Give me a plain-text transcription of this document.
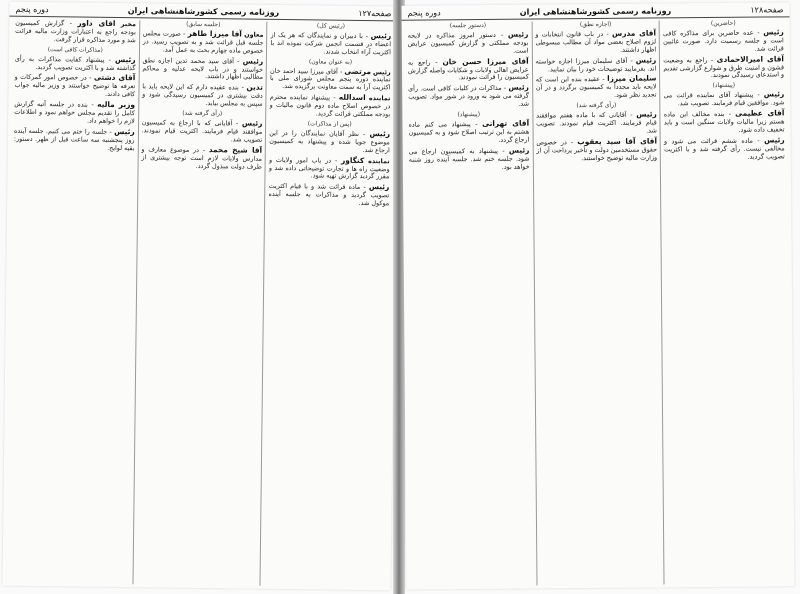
صفحه۱۲۷
روزنامه رسمی کشورشاهنشاهی ایران
دوره پنجم
(رئیس کل)
رئیس - با دبیران و نمایندگان که هر یک از اعضاء در قسمت انجمن شرکت نموده اند با اکثریت آراء انتخاب شدند.
(به عنوان معاون)
رئیس مرتضی - آقای میرزا سید احمد خان نماینده دوره پنجم مجلس شورای ملی با اکثریت آرا به سمت معاونت برگزیده شد.
نماینده اسدالله - پیشنهاد نماینده محترم در خصوص اصلاح ماده دوم قانون مالیات و بودجه مملکتی قرائت گردید.
(پس از مذاکرات)
رئیس - نظر آقایان نمایندگان را در این موضوع جویا شده و پیشنهاد به کمیسیون ارجاع شد.
نماینده کنگاور - در باب امور ولایات و وضعیت راه ها و تجارت توضیحاتی داده شد و مقرر گردید گزارش تهیه شود.
رئیس - ماده قرائت شد و با قیام اکثریت تصویب گردید و مذاکرات به جلسه آینده موکول شد.
(جلسه سابق)
معاون آقا میرزا طاهر - صورت مجلس جلسه قبل قرائت شد و به تصویب رسید. در خصوص ماده چهارم بحث به عمل آمد.
رئیس - آقای سید محمد تدین اجازه نطق خواستند و در باب لایحه عدلیه و محاکم مطالبی اظهار داشتند.
تدین - بنده عقیده دارم که این لایحه باید با دقت بیشتری در کمیسیون رسیدگی شود و سپس به مجلس بیاید.
(رأی گرفته شد)
رئیس - آقایانی که با ارجاع به کمیسیون موافقند قیام فرمایند. اکثریت قیام نمودند. تصویب شد.
آقا شیخ محمد - در موضوع معارف و مدارس ولایات لازم است توجه بیشتری از طرف دولت مبذول گردد.
مخبر آقای داور - گزارش کمیسیون بودجه راجع به اعتبارات وزارت مالیه قرائت شد و مورد مذاکره قرار گرفت.
(مذاکرات کافی است)
رئیس - پیشنهاد کفایت مذاکرات به رأی گذاشته شد و با اکثریت تصویب گردید.
آقای دشتی - در خصوص امور گمرکات و تعرفه ها توضیح خواستند و وزیر مالیه جواب کافی دادند.
وزیر مالیه - بنده در جلسه آتیه گزارش کامل را تقدیم مجلس خواهم نمود و اطلاعات لازم را خواهم داد.
رئیس - جلسه را ختم می کنیم. جلسه آینده روز پنجشنبه سه ساعت قبل از ظهر. دستور: بقیه لوایح.
صفحه۱۲۸
روزنامه رسمی کشورشاهنشاهی ایران
دوره پنجم
(حاضرین)
رئیس - عده حاضرین برای مذاکره کافی است و جلسه رسمیت دارد. صورت غائبین قرائت شد.
آقای امیرالاحمادی - راجع به وضعیت قشون و امنیت طرق و شوارع گزارشی تقدیم و استدعای رسیدگی نمودند.
(پیشنهاد)
رئیس - پیشنهاد آقای نماینده قرائت می شود. موافقین قیام فرمایند. تصویب شد.
آقای عظیمی - بنده مخالف این ماده هستم زیرا مالیات ولایات سنگین است و باید تخفیف داده شود.
رئیس - ماده ششم قرائت می شود و مخالفی نیست. رأی گرفته شد و با اکثریت تصویب گردید.
(اجازه نطق)
آقای مدرس - در باب قانون انتخابات و لزوم اصلاح بعضی مواد آن مطالب مبسوطی اظهار داشتند.
رئیس - آقای سلیمان میرزا اجازه خواسته اند. بفرمایید توضیحات خود را بیان نمایید.
سلیمان میرزا - عقیده بنده این است که لایحه باید مجدداً به کمیسیون برگردد و در آن تجدید نظر شود.
(رأی گرفته شد)
رئیس - آقایانی که با ماده هفتم موافقند قیام فرمایند. اکثریت قیام نمودند. تصویب شد.
آقای آقا سید یعقوب - در خصوص حقوق مستخدمین دولت و تأخیر پرداخت آن از وزارت مالیه توضیح خواستند.
(دستور جلسه)
رئیس - دستور امروز مذاکره در لایحه بودجه مملکتی و گزارش کمیسیون عرایض است.
آقای میرزا حسن خان - راجع به عرایض اهالی ولایات و شکایات واصله گزارش کمیسیون را قرائت نمودند.
رئیس - مذاکرات در کلیات کافی است. رأی گرفته می شود به ورود در شور مواد. تصویب شد.
(پیشنهاد)
آقای تهرانی - پیشنهاد می کنم ماده هشتم به این ترتیب اصلاح شود و به کمیسیون ارجاع گردد.
رئیس - پیشنهاد به کمیسیون ارجاع می شود. جلسه ختم شد. جلسه آینده روز شنبه خواهد بود.
